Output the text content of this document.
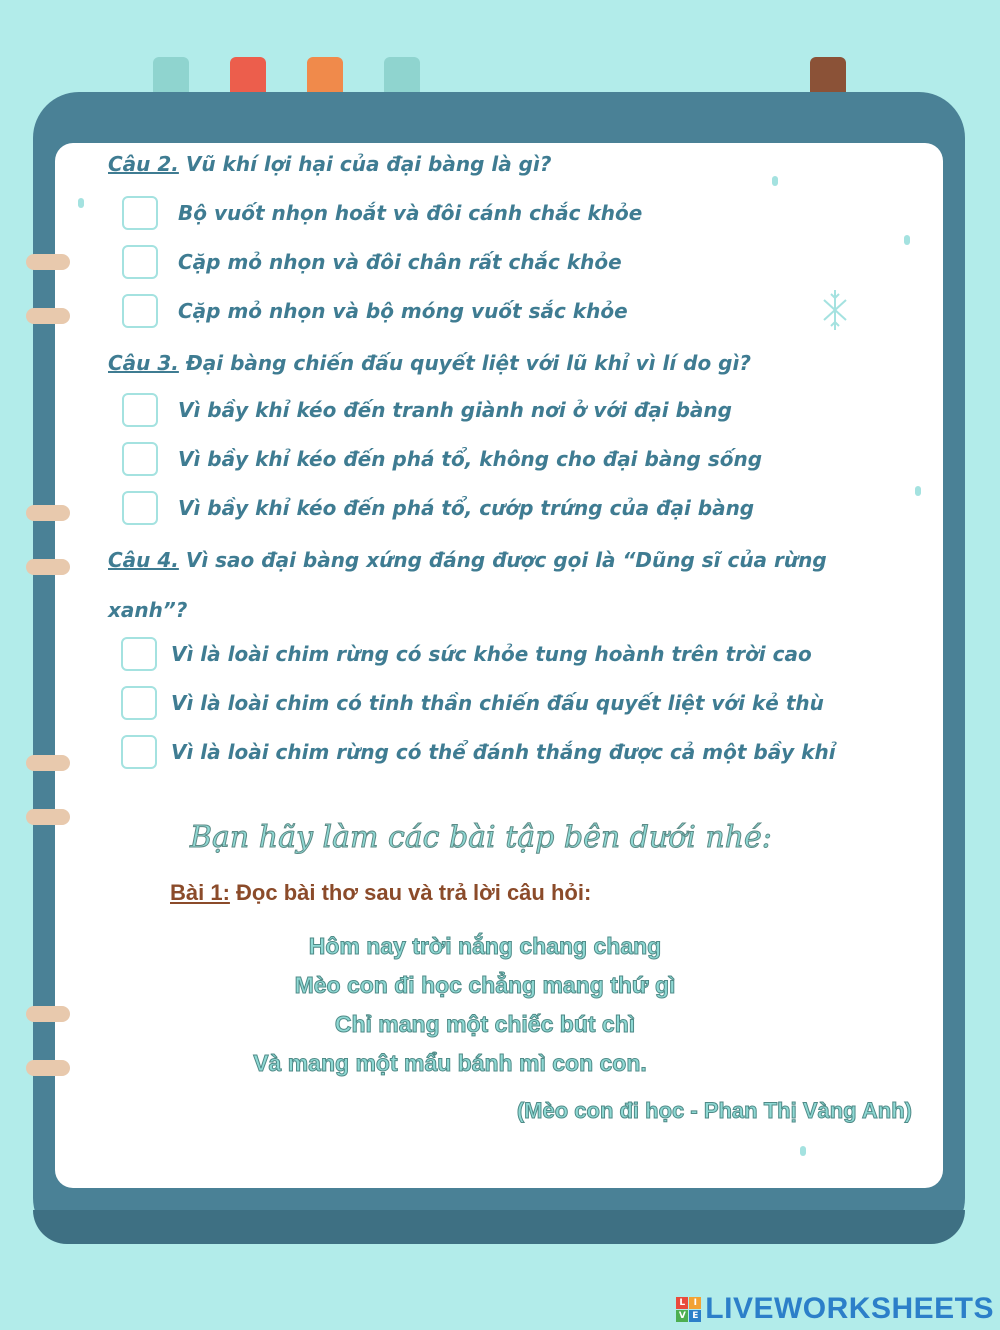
Câu 2. Vũ khí lợi hại của đại bàng là gì?
Bộ vuốt nhọn hoắt và đôi cánh chắc khỏe
Cặp mỏ nhọn và đôi chân rất chắc khỏe
Cặp mỏ nhọn và bộ móng vuốt sắc khỏe
Câu 3. Đại bàng chiến đấu quyết liệt với lũ khỉ vì lí do gì?
Vì bầy khỉ kéo đến tranh giành nơi ở với đại bàng
Vì bầy khỉ kéo đến phá tổ, không cho đại bàng sống
Vì bầy khỉ kéo đến phá tổ, cướp trứng của đại bàng
Câu 4. Vì sao đại bàng xứng đáng được gọi là “Dũng sĩ của rừng
xanh”?
Vì là loài chim rừng có sức khỏe tung hoành trên trời cao
Vì là loài chim có tinh thần chiến đấu quyết liệt với kẻ thù
Vì là loài chim rừng có thể đánh thắng được cả một bầy khỉ
Bạn hãy làm các bài tập bên dưới nhé:
Bài 1: Đọc bài thơ sau và trả lời câu hỏi:
Hôm nay trời nắng chang chang
Mèo con đi học chẳng mang thứ gì
Chỉ mang một chiếc bút chì
Và mang một mẩu bánh mì con con.
(Mèo con đi học - Phan Thị Vàng Anh)
L I
V E LIVEWORKSHEETS
